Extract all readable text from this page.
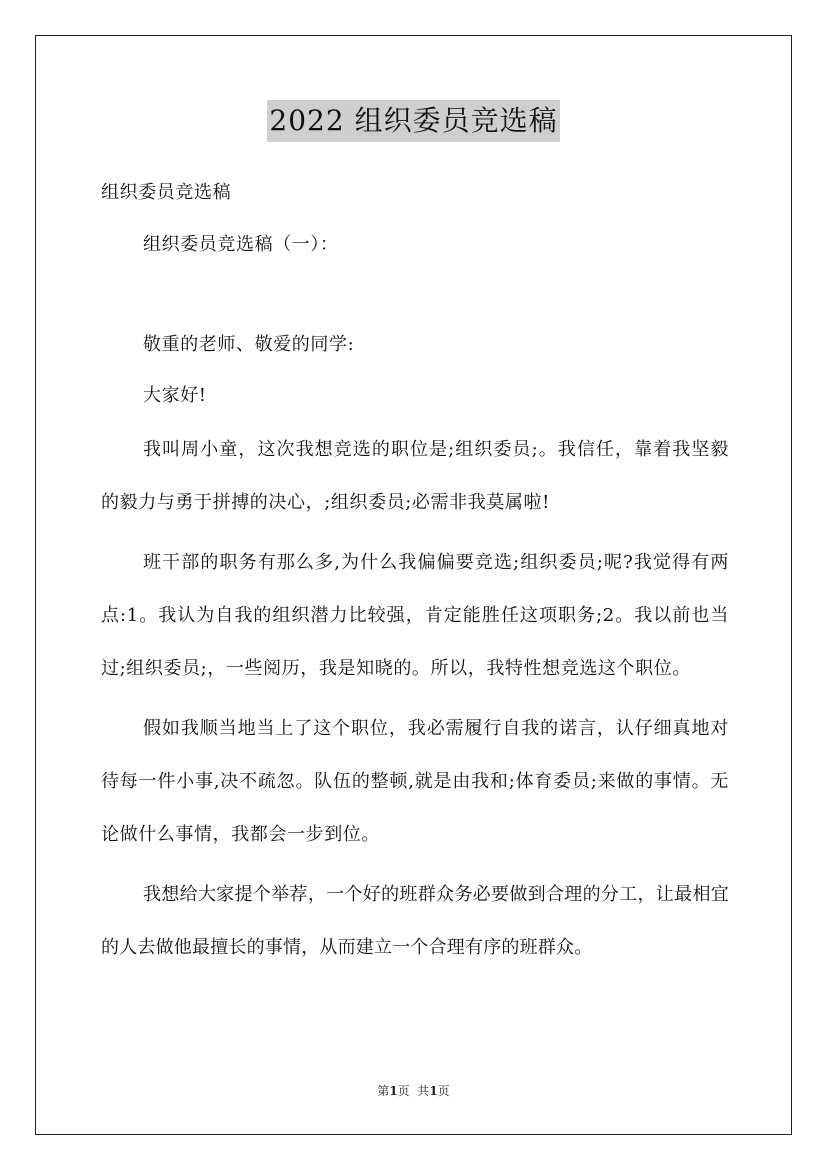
2022 组织委员竞选稿
组织委员竞选稿
组织委员竞选稿（一）：
敬重的老师、敬爱的同学:
大家好!

我叫周小童，这次我想竞选的职位是;组织委员;。我信任，靠着我坚毅的毅力与勇于拼搏的决心，;组织委员;必需非我莫属啦!

班干部的职务有那么多,为什么我偏偏要竞选;组织委员;呢?我觉得有两点:1。我认为自我的组织潜力比较强，肯定能胜任这项职务;2。我以前也当过;组织委员;，一些阅历，我是知晓的。所以，我特性想竞选这个职位。

假如我顺当地当上了这个职位，我必需履行自我的诺言，认仔细真地对待每一件小事,决不疏忽。队伍的整顿,就是由我和;体育委员;来做的事情。无论做什么事情，我都会一步到位。

我想给大家提个举荐，一个好的班群众务必要做到合理的分工，让最相宜的人去做他最擅长的事情，从而建立一个合理有序的班群众。

第1页  共1页
